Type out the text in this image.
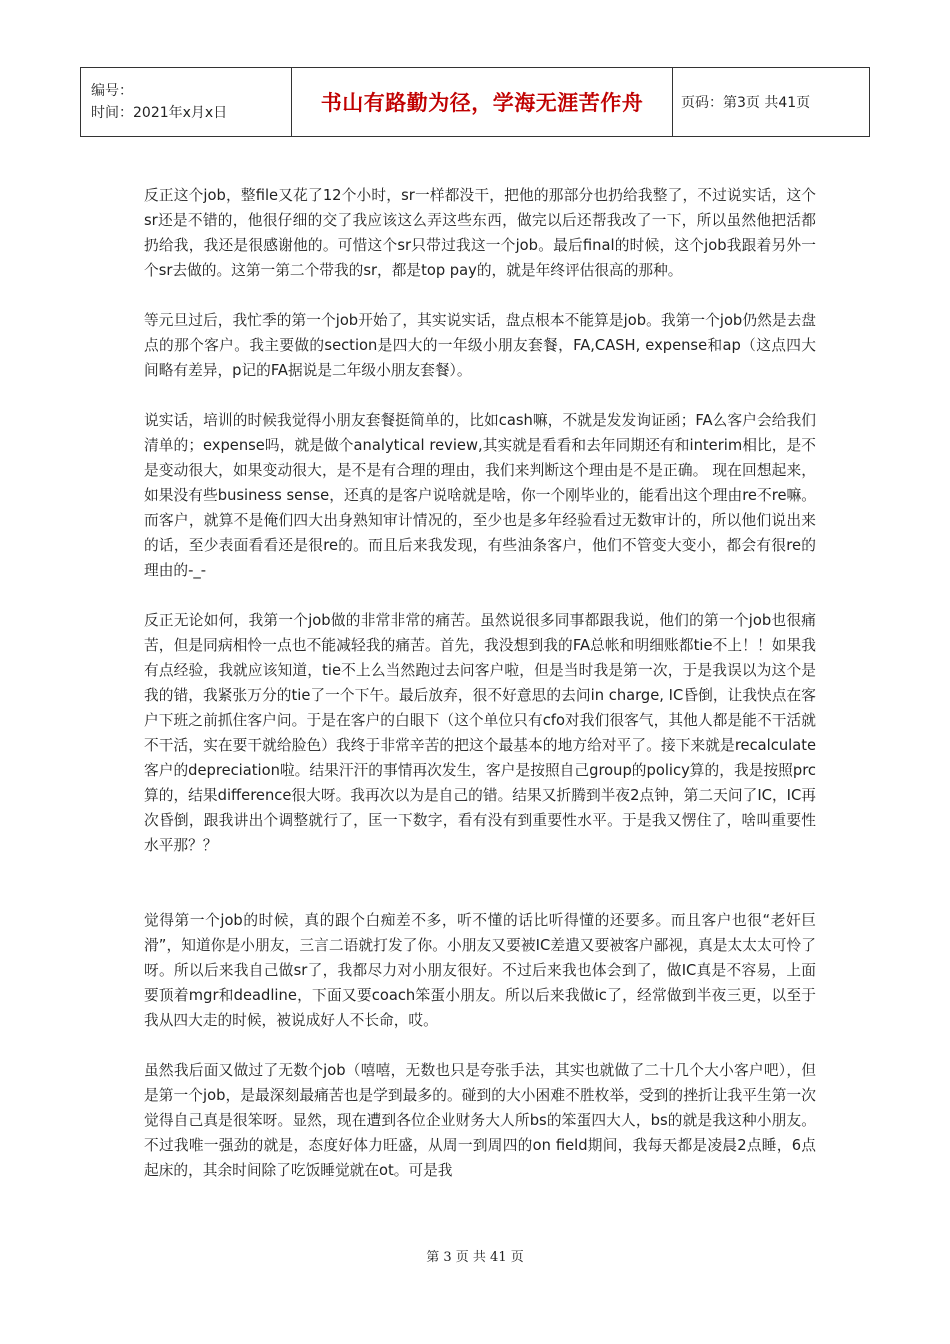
编号：
时间：2021年x月x日	书山有路勤为径，学海无涯苦作舟	页码：第3页 共41页

反正这个job，整file又花了12个小时，sr一样都没干，把他的那部分也扔给我整了，不过说实话，这个sr还是不错的，他很仔细的交了我应该这么弄这些东西，做完以后还帮我改了一下，所以虽然他把活都扔给我，我还是很感谢他的。可惜这个sr只带过我这一个job。最后final的时候，这个job我跟着另外一个sr去做的。这第一第二个带我的sr，都是top pay的，就是年终评估很高的那种。

等元旦过后，我忙季的第一个job开始了，其实说实话，盘点根本不能算是job。我第一个job仍然是去盘点的那个客户。我主要做的section是四大的一年级小朋友套餐，FA,CASH, expense和ap（这点四大间略有差异，p记的FA据说是二年级小朋友套餐）。

说实话，培训的时候我觉得小朋友套餐挺简单的，比如cash嘛，不就是发发询证函；FA么客户会给我们清单的；expense吗，就是做个analytical review,其实就是看看和去年同期还有和interim相比，是不是变动很大，如果变动很大，是不是有合理的理由，我们来判断这个理由是不是正确。 现在回想起来，如果没有些business sense，还真的是客户说啥就是啥，你一个刚毕业的，能看出这个理由re不re嘛。而客户，就算不是俺们四大出身熟知审计情况的，至少也是多年经验看过无数审计的，所以他们说出来的话，至少表面看看还是很re的。而且后来我发现，有些油条客户，他们不管变大变小，都会有很re的理由的-_-

反正无论如何，我第一个job做的非常非常的痛苦。虽然说很多同事都跟我说，他们的第一个job也很痛苦，但是同病相怜一点也不能减轻我的痛苦。首先，我没想到我的FA总帐和明细账都tie不上！！如果我有点经验，我就应该知道，tie不上么当然跑过去问客户啦，但是当时我是第一次，于是我误以为这个是我的错，我紧张万分的tie了一个下午。最后放弃，很不好意思的去问in charge, IC昏倒，让我快点在客户下班之前抓住客户问。于是在客户的白眼下（这个单位只有cfo对我们很客气，其他人都是能不干活就不干活，实在要干就给脸色）我终于非常辛苦的把这个最基本的地方给对平了。接下来就是recalculate客户的depreciation啦。结果汗汗的事情再次发生，客户是按照自己group的policy算的，我是按照prc算的，结果difference很大呀。我再次以为是自己的错。结果又折腾到半夜2点钟，第二天问了IC，IC再次昏倒，跟我讲出个调整就行了，匡一下数字，看有没有到重要性水平。于是我又愣住了，啥叫重要性水平那？？

觉得第一个job的时候，真的跟个白痴差不多，听不懂的话比听得懂的还要多。而且客户也很“老奸巨滑”，知道你是小朋友，三言二语就打发了你。小朋友又要被IC差遣又要被客户鄙视，真是太太太可怜了呀。所以后来我自己做sr了，我都尽力对小朋友很好。不过后来我也体会到了，做IC真是不容易，上面要顶着mgr和deadline，下面又要coach笨蛋小朋友。所以后来我做ic了，经常做到半夜三更，以至于我从四大走的时候，被说成好人不长命，哎。

虽然我后面又做过了无数个job（嘻嘻，无数也只是夸张手法，其实也就做了二十几个大小客户吧），但是第一个job，是最深刻最痛苦也是学到最多的。碰到的大小困难不胜枚举，受到的挫折让我平生第一次觉得自己真是很笨呀。显然，现在遭到各位企业财务大人所bs的笨蛋四大人，bs的就是我这种小朋友。不过我唯一强劲的就是，态度好体力旺盛，从周一到周四的on field期间，我每天都是凌晨2点睡，6点起床的，其余时间除了吃饭睡觉就在ot。可是我

第 3 页 共 41 页
